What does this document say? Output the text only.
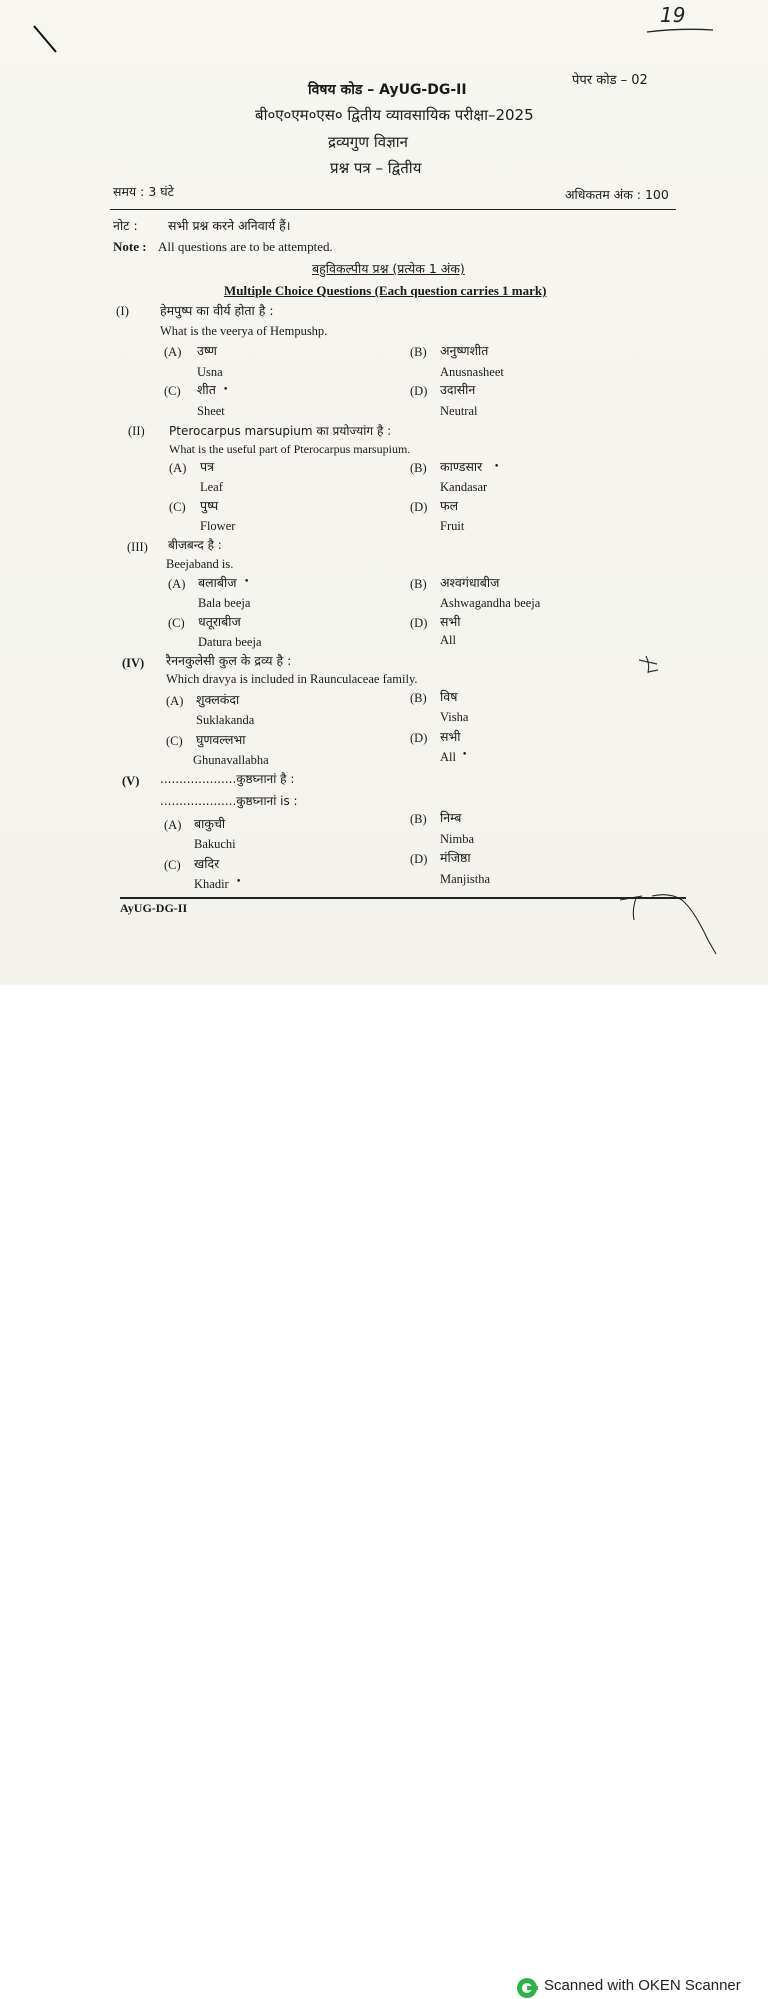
19
पेपर कोड – 02
विषय कोड – AyUG-DG-II
बी०ए०एम०एस० द्वितीय व्यावसायिक परीक्षा–2025
द्रव्यगुण विज्ञान
प्रश्न पत्र – द्वितीय
समय : 3 घंटे	अधिकतम अंक : 100
नोट : सभी प्रश्न करने अनिवार्य हैं।
Note : All questions are to be attempted.
बहुविकल्पीय प्रश्न (प्रत्येक 1 अंक)
Multiple Choice Questions (Each question carries 1 mark)
(I) हेमपुष्प का वीर्य होता है :
What is the veerya of Hempushp.
(A) उष्ण
Usna
(B) अनुष्णशीत
Anusnasheet
(C) शीत •
Sheet
(D) उदासीन
Neutral
(II) Pterocarpus marsupium का प्रयोज्यांग है :
What is the useful part of Pterocarpus marsupium.
(A) पत्र
Leaf
(B) काण्डसार •
Kandasar
(C) पुष्प
Flower
(D) फल
Fruit
(III) बीजबन्द है :
Beejaband is.
(A) बलाबीज •
Bala beeja
(B) अश्वगंधाबीज
Ashwagandha beeja
(C) धतूराबीज
Datura beeja
(D) सभी
All
(IV) रैननकुलेसी कुल के द्रव्य है :
Which dravya is included in Raunculaceae family.
(A) शुक्लकंदा
Suklakanda
(B) विष
Visha
(C) घुणवल्लभा
Ghunavallabha
(D) सभी
All •
(V) ....................कुष्ठघ्नानां है :
....................कुष्ठघ्नानां is :
(A) बाकुची
Bakuchi
(B) निम्ब
Nimba
(C) खदिर
Khadir •
(D) मंजिष्ठा
Manjistha
AyUG-DG-II
Scanned with OKEN Scanner
